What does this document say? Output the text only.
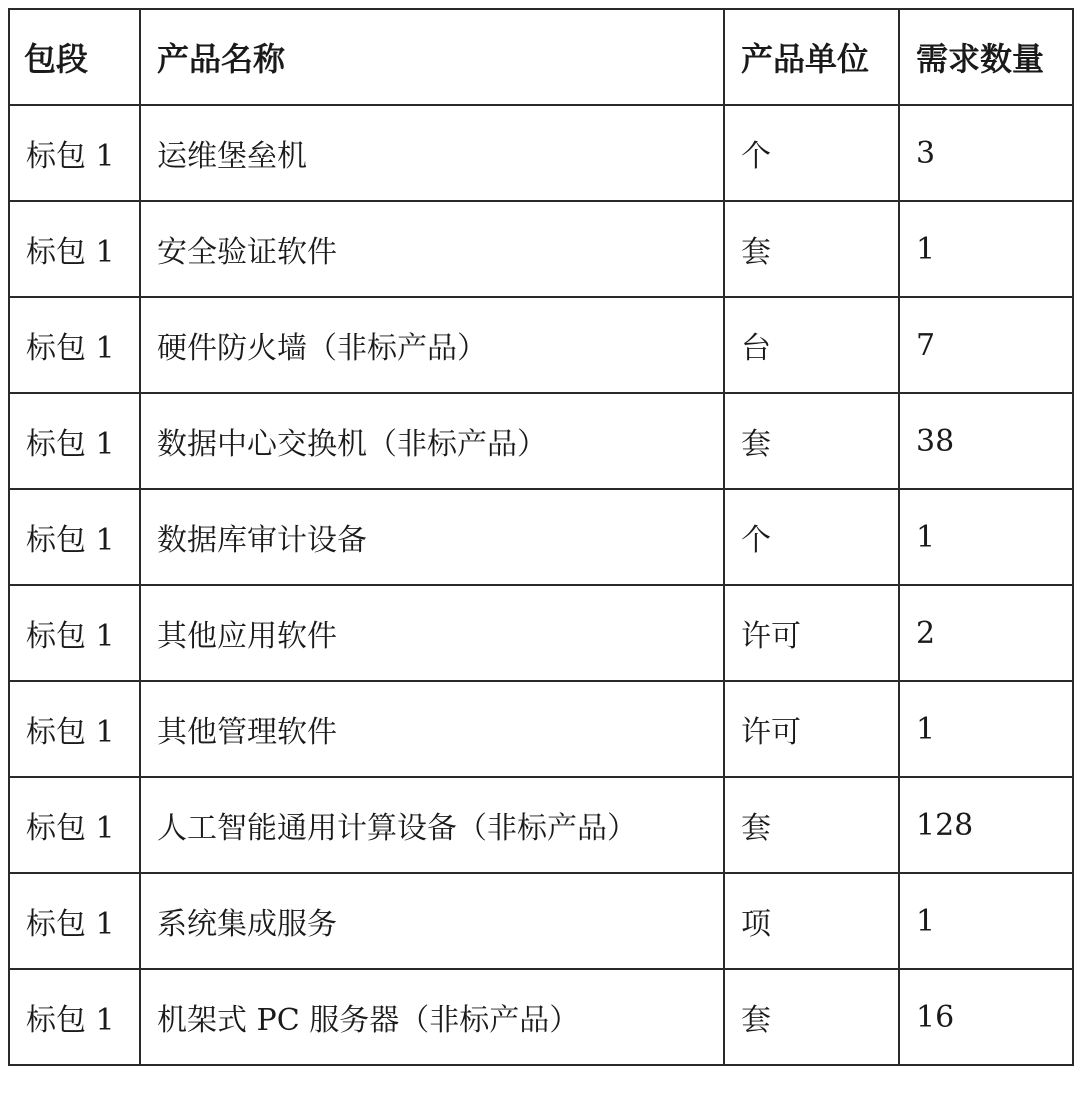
包段	产品名称	产品单位	需求数量
标包 1	运维堡垒机	个	3
标包 1	安全验证软件	套	1
标包 1	硬件防火墙（非标产品）	台	7
标包 1	数据中心交换机（非标产品）	套	38
标包 1	数据库审计设备	个	1
标包 1	其他应用软件	许可	2
标包 1	其他管理软件	许可	1
标包 1	人工智能通用计算设备（非标产品）	套	128
标包 1	系统集成服务	项	1
标包 1	机架式 PC 服务器（非标产品）	套	16
